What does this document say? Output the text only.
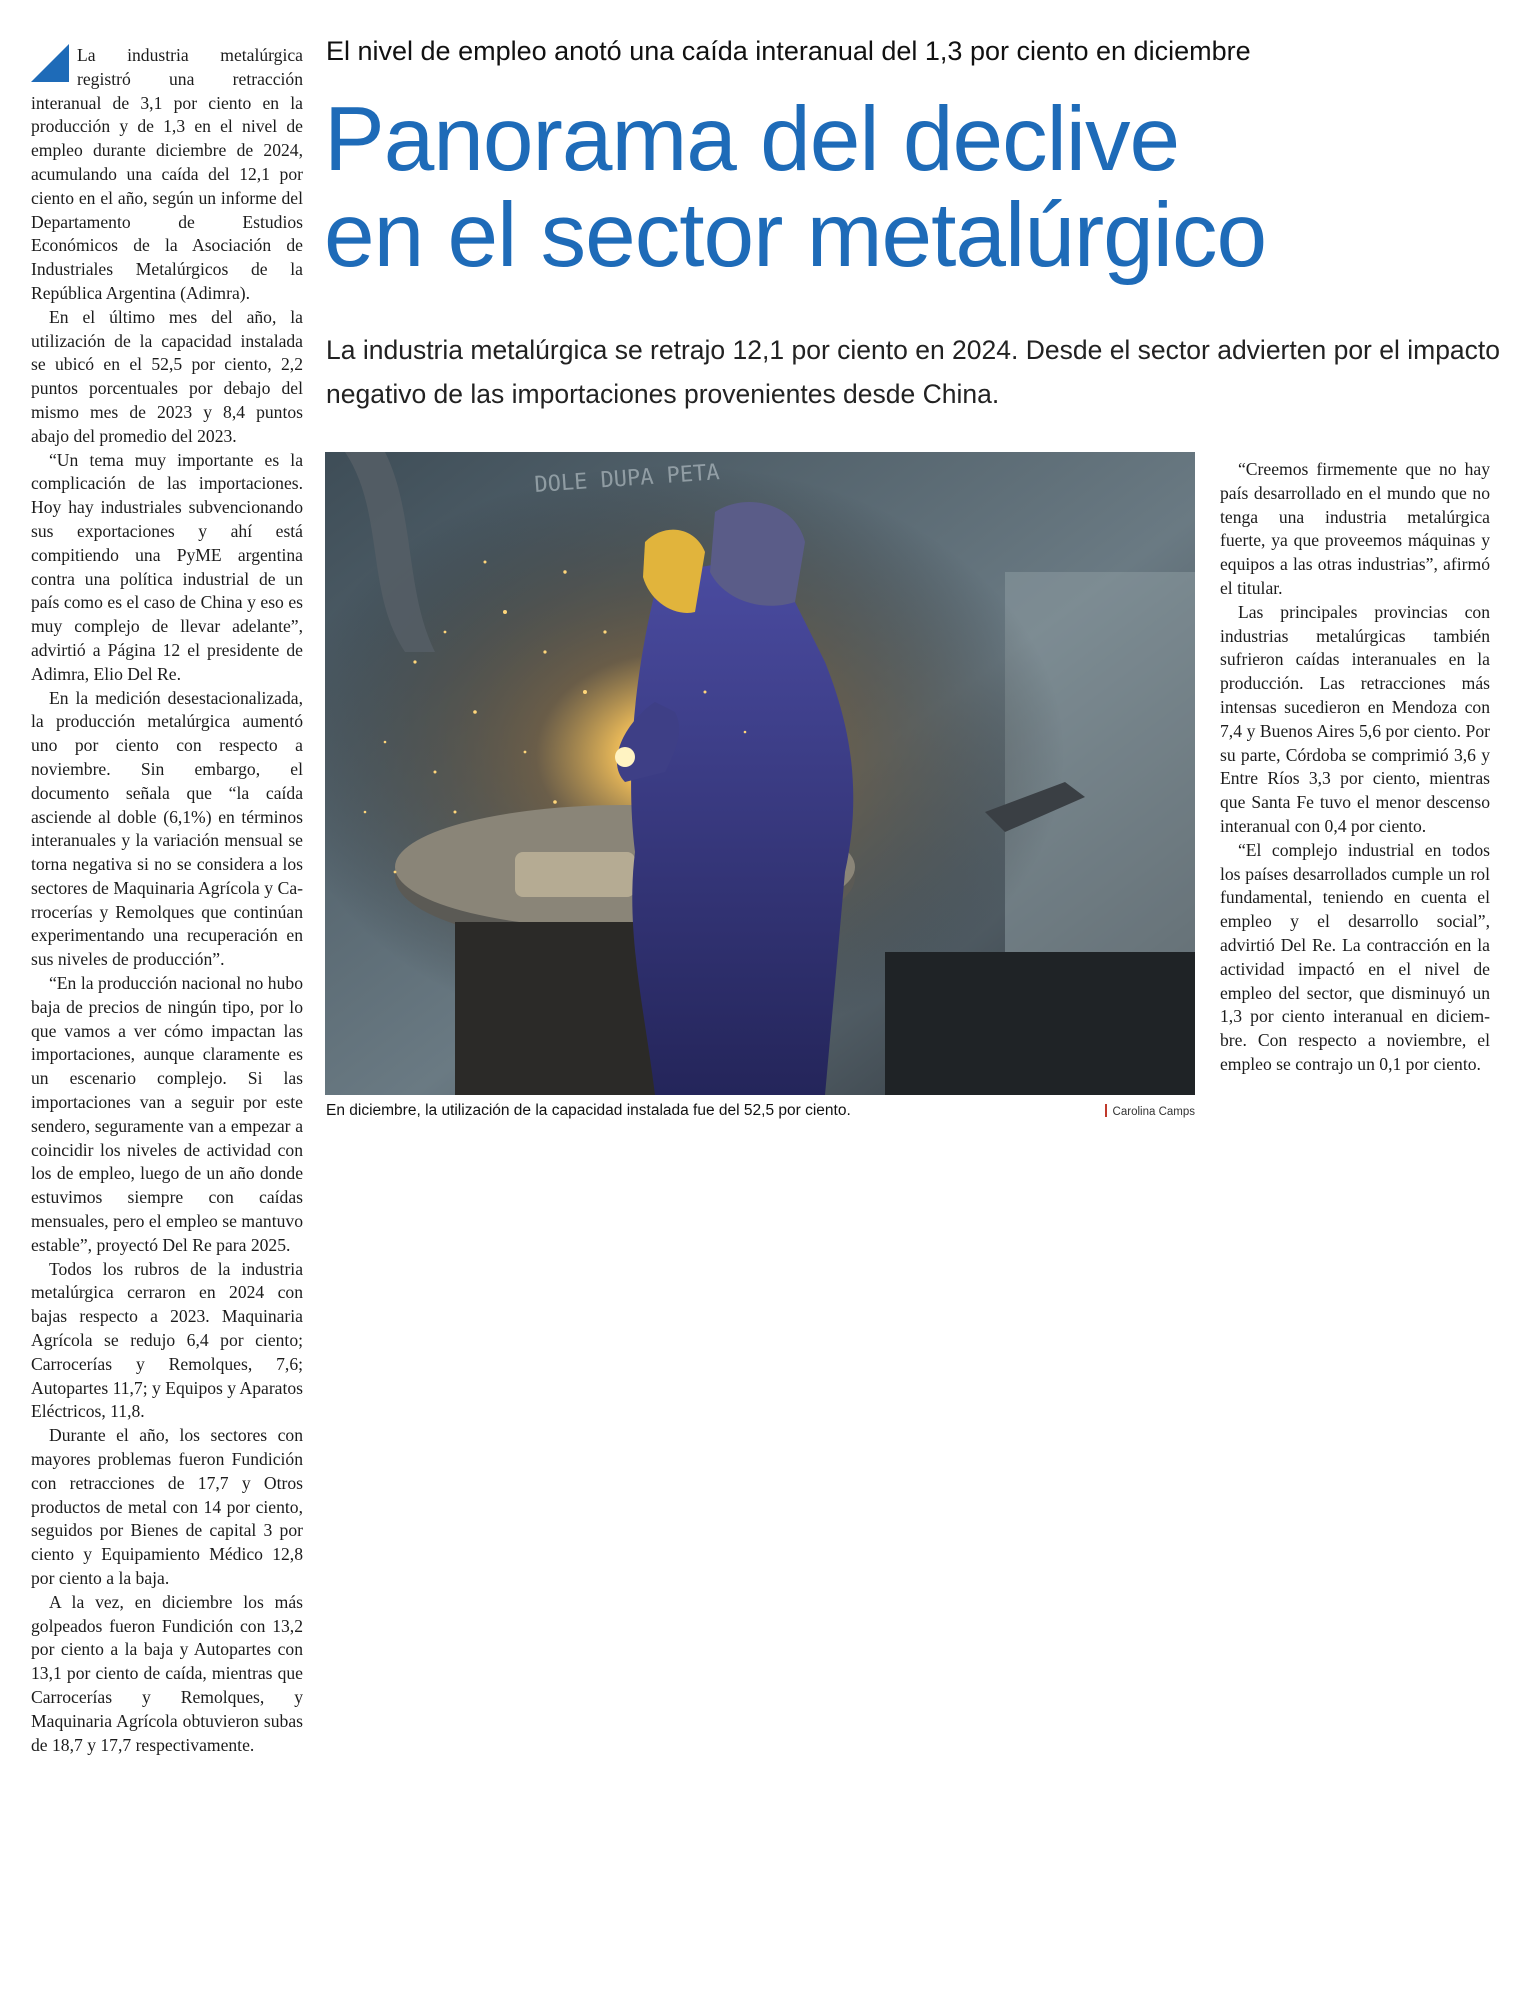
El nivel de empleo anotó una caída interanual del 1,3 por ciento en diciembre
Panorama del declive
en el sector metalúrgico

La industria metalúrgica se retrajo 12,1 por ciento en 2024. Desde el sector advierten por el impacto negativo de las importaciones provenientes desde China.

La industria metalúrgica registró una retracción interanual de 3,1 por ciento en la producción y de 1,3 en el nivel de empleo durante diciembre de 2024, acumulando una caída del 12,1 por ciento en el año, según un informe del Departamento de Estudios Económicos de la Asociación de Industriales Metalúrgicos de la República Argentina (Adimra).

En el último mes del año, la utilización de la capacidad instalada se ubicó en el 52,5 por ciento, 2,2 puntos porcentuales por debajo del mismo mes de 2023 y 8,4 puntos abajo del promedio del 2023.

“Un tema muy importante es la complicación de las importaciones. Hoy hay industriales subvencionando sus exportaciones y ahí está compitiendo una PyME argentina contra una política industrial de un país como es el caso de China y eso es muy complejo de llevar adelante”, advirtió a Página 12 el presidente de Adimra, Elio Del Re.

En la medición desestacionalizada, la producción metalúrgica aumentó uno por ciento con respecto a noviembre. Sin embargo, el documento señala que “la caída asciende al doble (6,1%) en términos interanuales y la variación mensual se torna negativa si no se considera a los sectores de Maquinaria Agrícola y Carrocerías y Remolques que continúan experimentando una recuperación en sus niveles de producción”.

“En la producción nacional no hubo baja de precios de ningún tipo, por lo que vamos a ver cómo impactan las importaciones, aunque claramente es un escenario complejo. Si las importaciones van a seguir por este sendero, seguramente van a empezar a coincidir los niveles de actividad con los de empleo, luego de un año donde estuvimos siempre con caídas mensuales, pero el empleo se mantuvo estable”, proyectó Del Re para 2025.

Todos los rubros de la industria metalúrgica cerraron en 2024 con bajas respecto a 2023. Maquinaria Agrícola se redujo 6,4 por ciento; Carrocerías y Remolques, 7,6; Autopartes 11,7; y Equipos y Aparatos Eléctricos, 11,8.

Durante el año, los sectores con mayores problemas fueron Fundición con retracciones de 17,7 y Otros productos de metal con 14 por ciento, seguidos por Bienes de capital 3 por ciento y Equipamiento Médico 12,8 por ciento a la baja.

A la vez, en diciembre los más golpeados fueron Fundición con 13,2 por ciento a la baja y Autopartes con 13,1 por ciento de caída, mientras que Carrocerías y Remolques, y Maquinaria Agrícola obtuvieron subas de 18,7 y 17,7 respectivamente.

DOLE DUPA PETA
En diciembre, la utilización de la capacidad instalada fue del 52,5 por ciento.	Carolina Camps

“Creemos firmemente que no hay país desarrollado en el mundo que no tenga una industria metalúrgica fuerte, ya que proveemos máquinas y equipos a las otras industrias”, afirmó el titular.

Las principales provincias con industrias metalúrgicas también sufrieron caídas interanuales en la producción. Las retracciones más intensas sucedieron en Mendoza con 7,4 y Buenos Aires 5,6 por ciento. Por su parte, Córdoba se comprimió 3,6 y Entre Ríos 3,3 por ciento, mientras que Santa Fe tuvo el menor descenso interanual con 0,4 por ciento.

“El complejo industrial en todos los países desarrollados cumple un rol fundamental, teniendo en cuenta el empleo y el desarrollo social”, advirtió Del Re. La contracción en la actividad impactó en el nivel de empleo del sector, que disminuyó un 1,3 por ciento interanual en diciembre. Con respecto a noviembre, el empleo se contrajo un 0,1 por ciento.
